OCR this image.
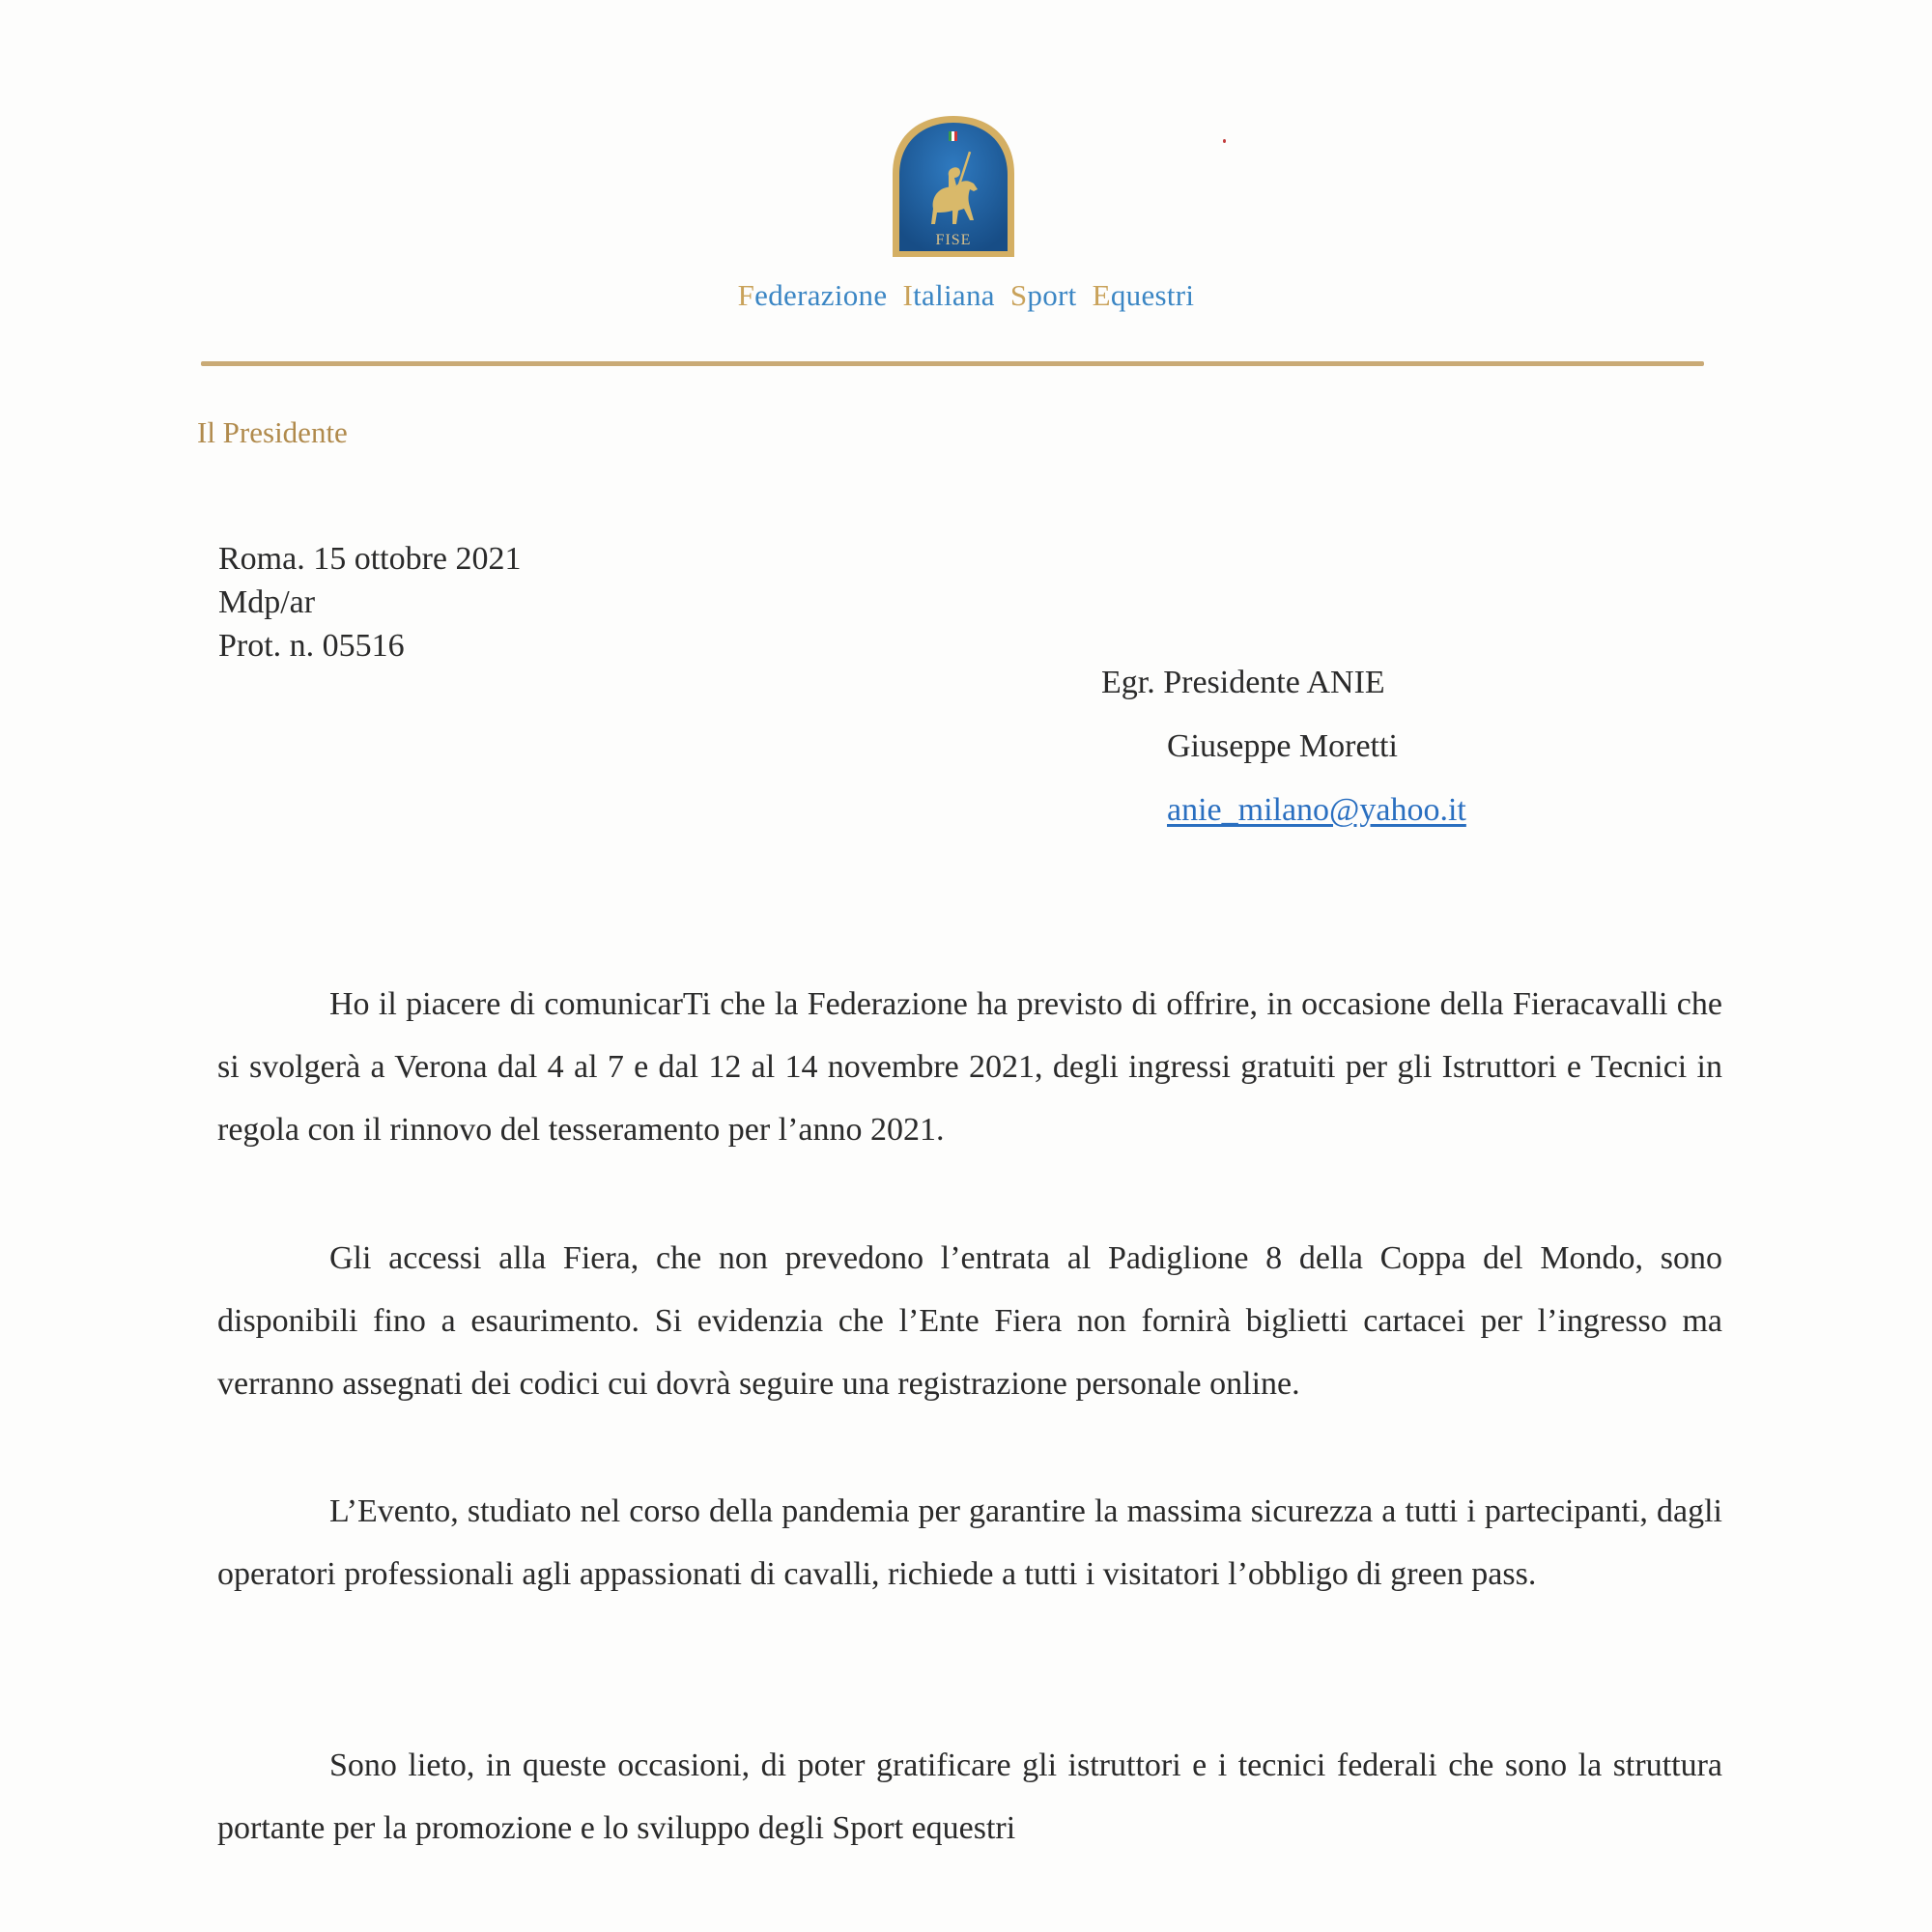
FISE
Federazione Italiana Sport Equestri
Il Presidente
Roma. 15 ottobre 2021
Mdp/ar
Prot. n. 05516
Egr. Presidente ANIE
Giuseppe Moretti
anie_milano@yahoo.it
Ho il piacere di comunicarTi che la Federazione ha previsto di offrire, in occasione della Fieracavalli che si svolgerà a Verona dal 4 al 7 e dal 12 al 14 novembre 2021, degli ingressi gratuiti per gli Istruttori e Tecnici in regola con il rinnovo del tesseramento per l’anno 2021.
Gli accessi alla Fiera, che non prevedono l’entrata al Padiglione 8 della Coppa del Mondo, sono disponibili fino a esaurimento. Si evidenzia che l’Ente Fiera non fornirà biglietti cartacei per l’ingresso ma verranno assegnati dei codici cui dovrà seguire una registrazione personale online.
L’Evento, studiato nel corso della pandemia per garantire la massima sicurezza a tutti i partecipanti, dagli operatori professionali agli appassionati di cavalli, richiede a tutti i visitatori l’obbligo di green pass.
Sono lieto, in queste occasioni, di poter gratificare gli istruttori e i tecnici federali che sono la struttura portante per la promozione e lo sviluppo degli Sport equestri
